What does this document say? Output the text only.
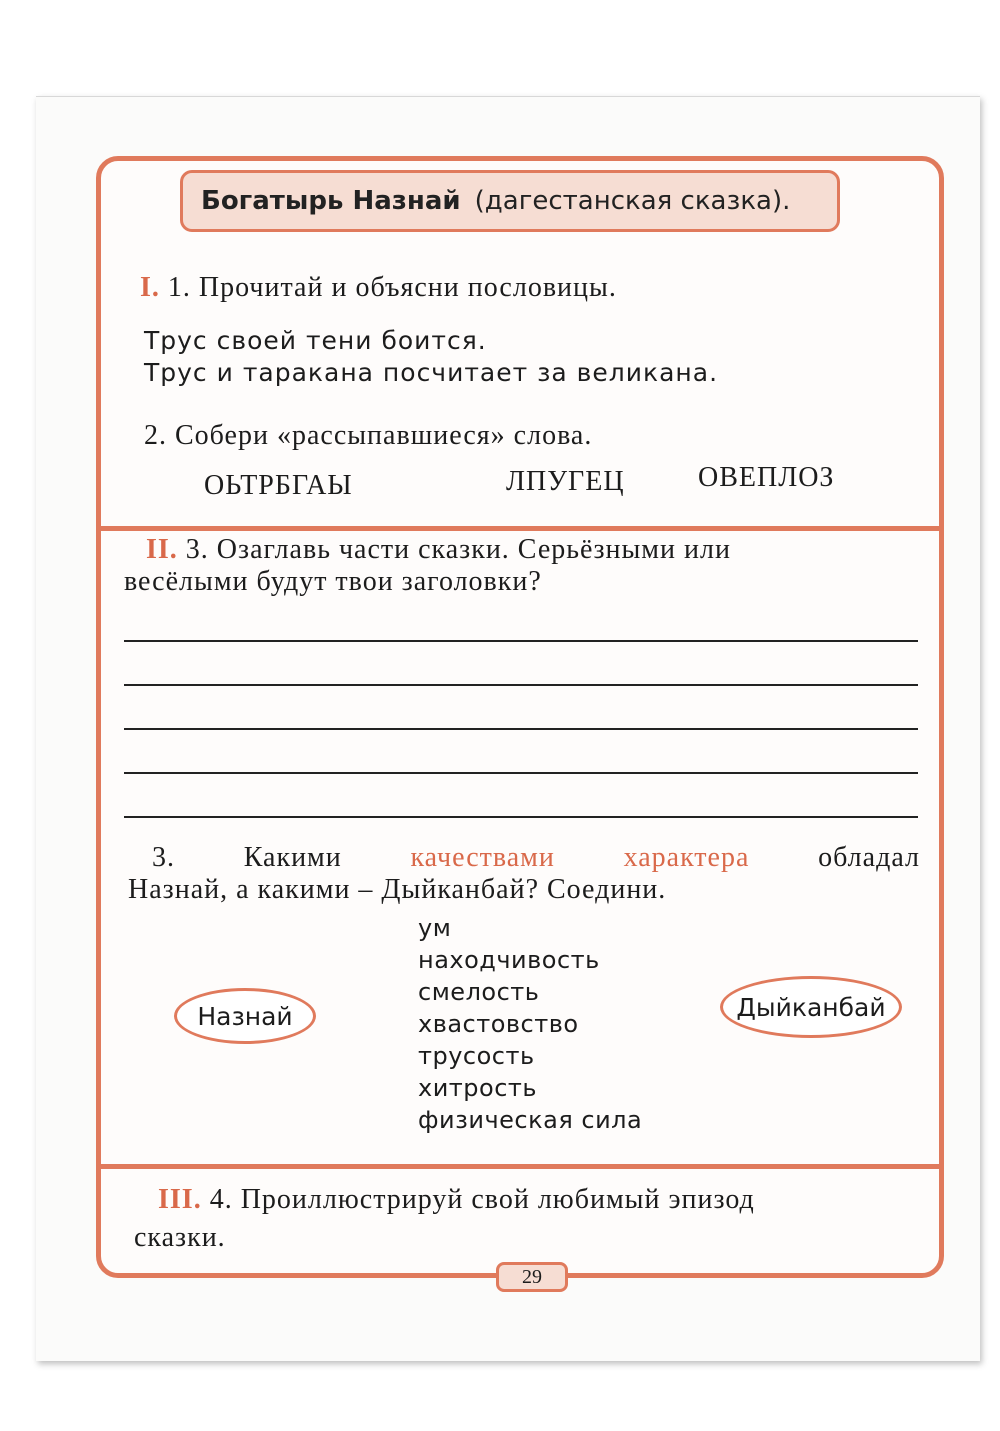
Богатырь Назнай (дагестанская сказка).
I. 1. Прочитай и объясни пословицы.
Трус своей тени боится.
Трус и таракана посчитает за великана.
2. Собери «рассыпавшиеся» слова.
ОЬТРБГАЫ	ЛПУГЕЦ	ОВЕПЛОЗ
II. 3. Озаглавь части сказки. Серьёзными или
весёлыми будут твои заголовки?
3. Какими качествами характера обладал
Назнай, а какими – Дыйканбай? Соедини.
Назнай	Дыйканбай
ум
находчивость
смелость
хвастовство
трусость
хитрость
физическая сила
III. 4. Проиллюстрируй свой любимый эпизод
сказки.
29
